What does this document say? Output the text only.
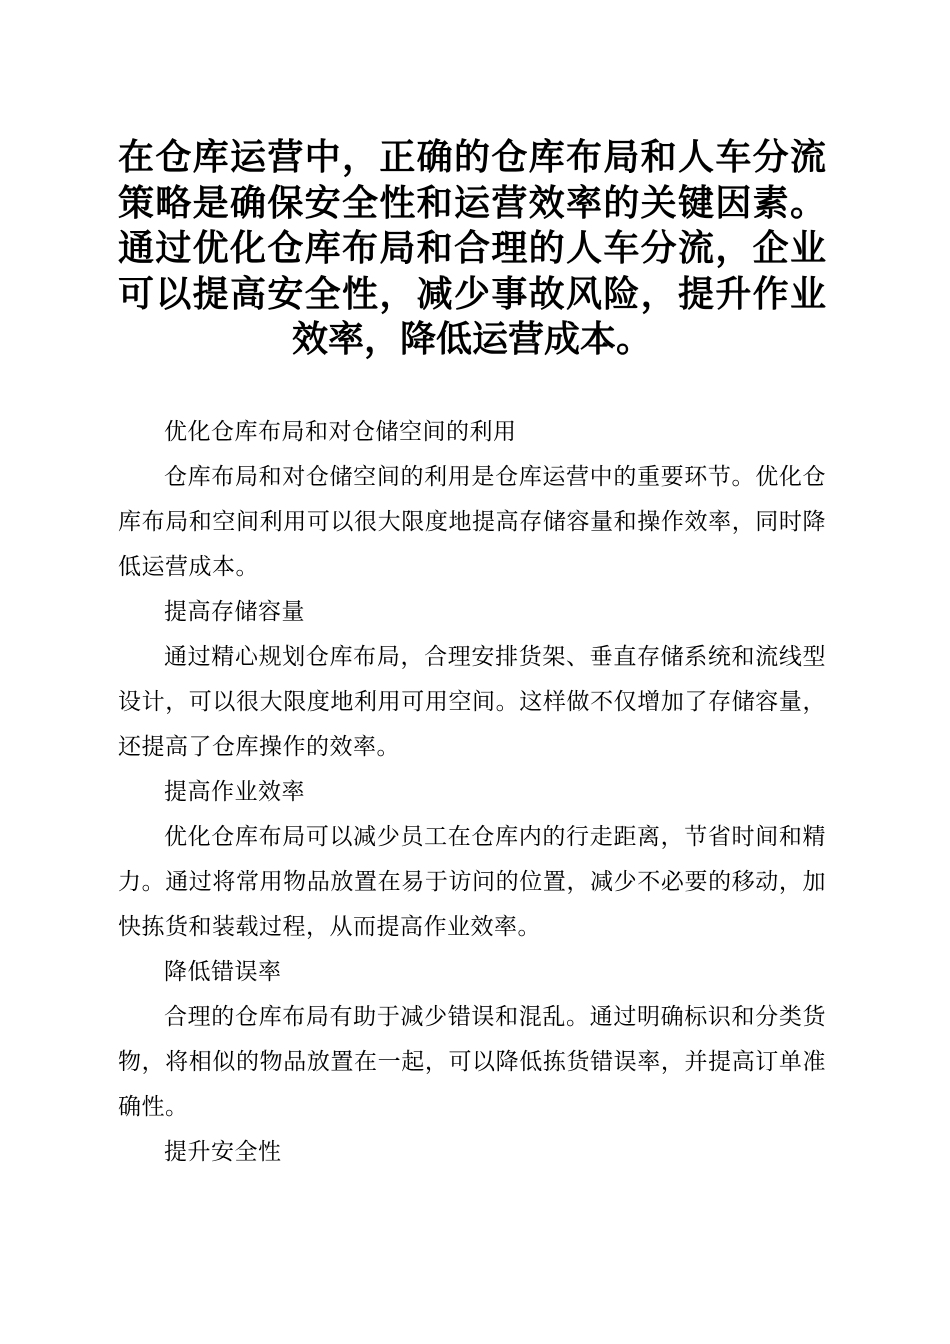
在仓库运营中，正确的仓库布局和人车分流策略是确保安全性和运营效率的关键因素。通过优化仓库布局和合理的人车分流，企业可以提高安全性，减少事故风险，提升作业效率，降低运营成本。

优化仓库布局和对仓储空间的利用

仓库布局和对仓储空间的利用是仓库运营中的重要环节。优化仓库布局和空间利用可以很大限度地提高存储容量和操作效率，同时降低运营成本。

提高存储容量

通过精心规划仓库布局，合理安排货架、垂直存储系统和流线型设计，可以很大限度地利用可用空间。这样做不仅增加了存储容量，还提高了仓库操作的效率。

提高作业效率

优化仓库布局可以减少员工在仓库内的行走距离，节省时间和精力。通过将常用物品放置在易于访问的位置，减少不必要的移动，加快拣货和装载过程，从而提高作业效率。

降低错误率

合理的仓库布局有助于减少错误和混乱。通过明确标识和分类货物，将相似的物品放置在一起，可以降低拣货错误率，并提高订单准确性。

提升安全性
